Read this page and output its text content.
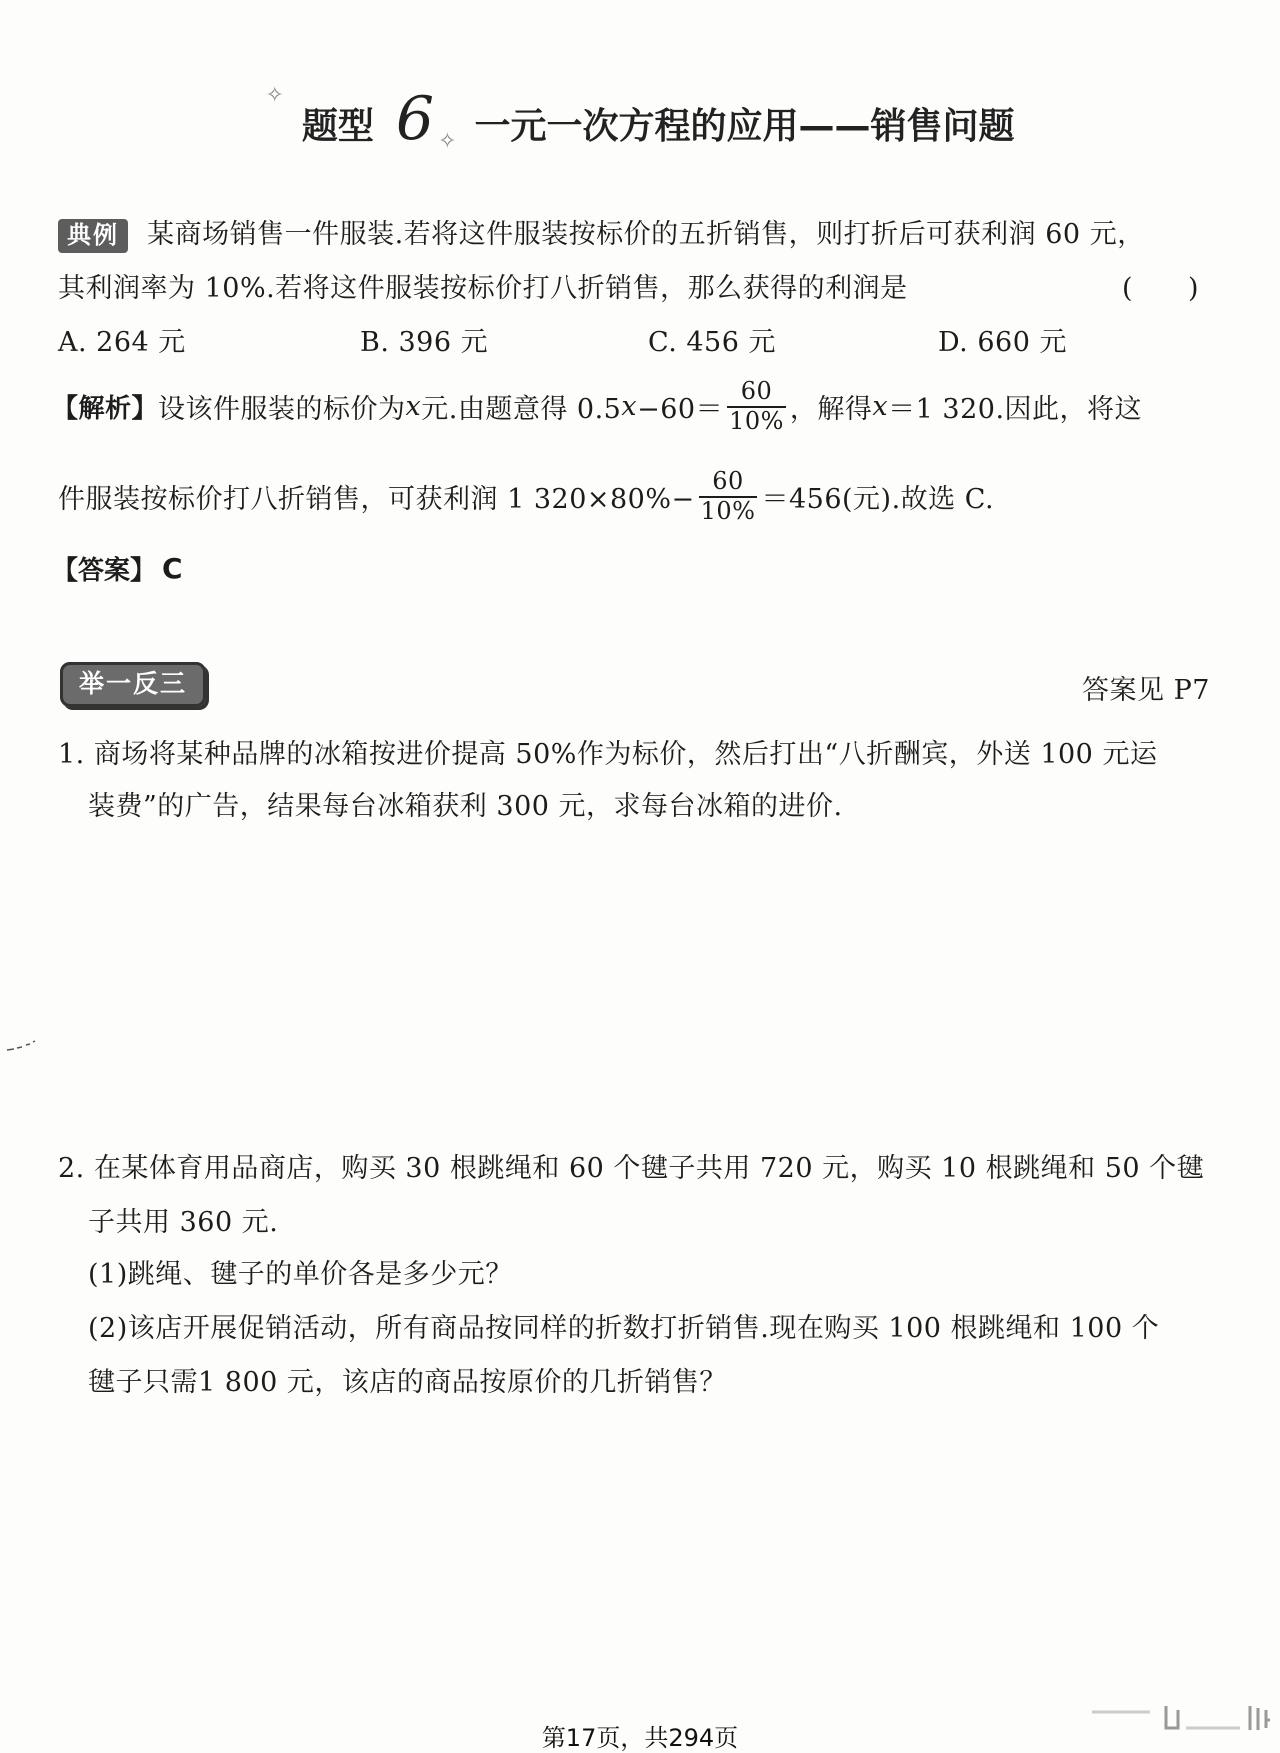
✧
题型 6 ✧ 一元一次方程的应用——销售问题
典例 某商场销售一件服装.若将这件服装按标价的五折销售，则打折后可获利润 60 元，
其利润率为 10%.若将这件服装按标价打八折销售，那么获得的利润是	(　　)
A. 264 元	B. 396 元	C. 456 元	D. 660 元
【解析】 设该件服装的标价为 x 元.由题意得 0.5 $x -60= \frac{60}{10\%}$ ，解得 x ＝1 320.因此，将这
件服装按标价打八折销售，可获利润 1 $320\times 80\%- \frac{60}{10\%} =456$(元).故选 C.
【答案】 C
举一反三	答案见 P7
1. 商场将某种品牌的冰箱按进价提高 50%作为标价，然后打出“八折酬宾，外送 100 元运
装费”的广告，结果每台冰箱获利 300 元，求每台冰箱的进价.
2. 在某体育用品商店，购买 30 根跳绳和 60 个毽子共用 720 元，购买 10 根跳绳和 50 个毽
子共用 360 元.
(1)跳绳、毽子的单价各是多少元？
(2)该店开展促销活动，所有商品按同样的折数打折销售.现在购买 100 根跳绳和 100 个
毽子只需1 800 元，该店的商品按原价的几折销售？
第17页，共294页
